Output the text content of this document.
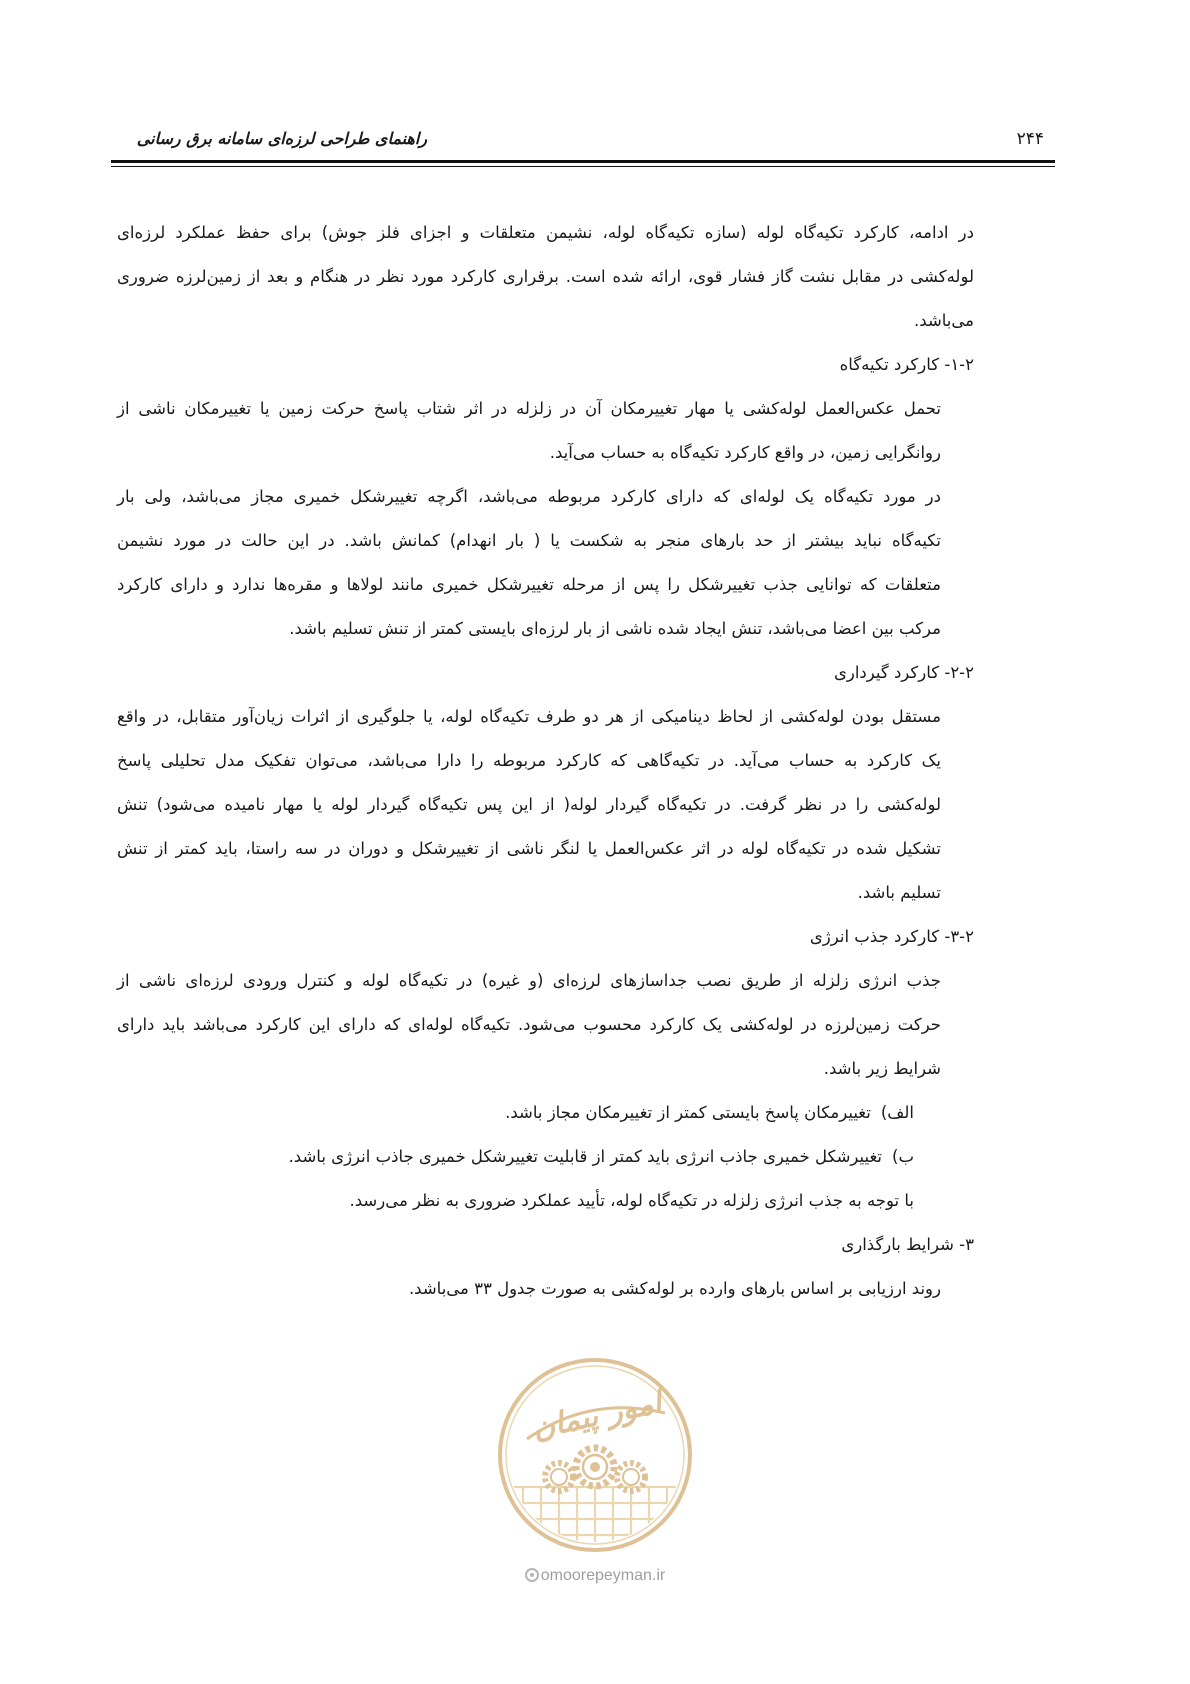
۲۴۴
راهنمای طراحی لرزه‌ای سامانه برق رسانی
در ادامه، کارکرد تکیه‌گاه لوله (سازه تکیه‌گاه لوله، نشیمن متعلقات و اجزای فلز جوش) برای حفظ عملکرد لرزه‌ای
لوله‌کشی در مقابل نشت گاز فشار قوی، ارائه شده است. برقراری کارکرد مورد نظر در هنگام و بعد از زمین‌لرزه ضروری
می‌باشد.
۲-۱- کارکرد تکیه‌گاه
تحمل عکس‌العمل لوله‌کشی یا مهار تغییرمکان آن در زلزله در اثر شتاب پاسخ حرکت زمین یا تغییرمکان ناشی از
روانگرایی زمین، در واقع کارکرد تکیه‌گاه به حساب می‌آید.
در مورد تکیه‌گاه یک لوله‌ای که دارای کارکرد مربوطه می‌باشد، اگرچه تغییرشکل خمیری مجاز می‌باشد، ولی بار
تکیه‌گاه نباید بیشتر از حد بارهای منجر به شکست یا ( بار انهدام) کمانش باشد. در این حالت در مورد نشیمن
متعلقات که توانایی جذب تغییرشکل را پس از مرحله تغییرشکل خمیری مانند لولاها و مقره‌ها ندارد و دارای کارکرد
مرکب بین اعضا می‌باشد، تنش ایجاد شده ناشی از بار لرزه‌ای بایستی کمتر از تنش تسلیم باشد.
۲-۲- کارکرد گیرداری
مستقل بودن لوله‌کشی از لحاظ دینامیکی از هر دو طرف تکیه‌گاه لوله، یا جلوگیری از اثرات زیان‌آور متقابل، در واقع
یک کارکرد به حساب می‌آید. در تکیه‌گاهی که کارکرد مربوطه را دارا می‌باشد، می‌توان تفکیک مدل تحلیلی پاسخ
لوله‌کشی را در نظر گرفت. در تکیه‌گاه گیردار لوله( از این پس تکیه‌گاه گیردار لوله یا مهار نامیده می‌شود) تنش
تشکیل شده در تکیه‌گاه لوله در اثر عکس‌العمل یا لنگر ناشی از تغییرشکل و دوران در سه راستا، باید کمتر از تنش
تسلیم باشد.
۲-۳- کارکرد جذب انرژی
جذب انرژی زلزله از طریق نصب جداسازهای لرزه‌ای (و غیره) در تکیه‌گاه لوله و کنترل ورودی لرزه‌ای ناشی از
حرکت زمین‌لرزه در لوله‌کشی یک کارکرد محسوب می‌شود. تکیه‌گاه لوله‌ای که دارای این کارکرد می‌باشد باید دارای
شرایط زیر باشد.
الف)تغییرمکان پاسخ بایستی کمتر از تغییرمکان مجاز باشد.
ب)تغییرشکل خمیری جاذب انرژی باید کمتر از قابلیت تغییرشکل خمیری جاذب انرژی باشد.
با توجه به جذب انرژی زلزله در تکیه‌گاه لوله، تأیید عملکرد ضروری به نظر می‌رسد.
۳- شرایط بارگذاری
روند ارزیابی بر اساس بارهای وارده بر لوله‌کشی به صورت جدول ۳۳ می‌باشد.
امور پیمان
omoorepeyman.ir
